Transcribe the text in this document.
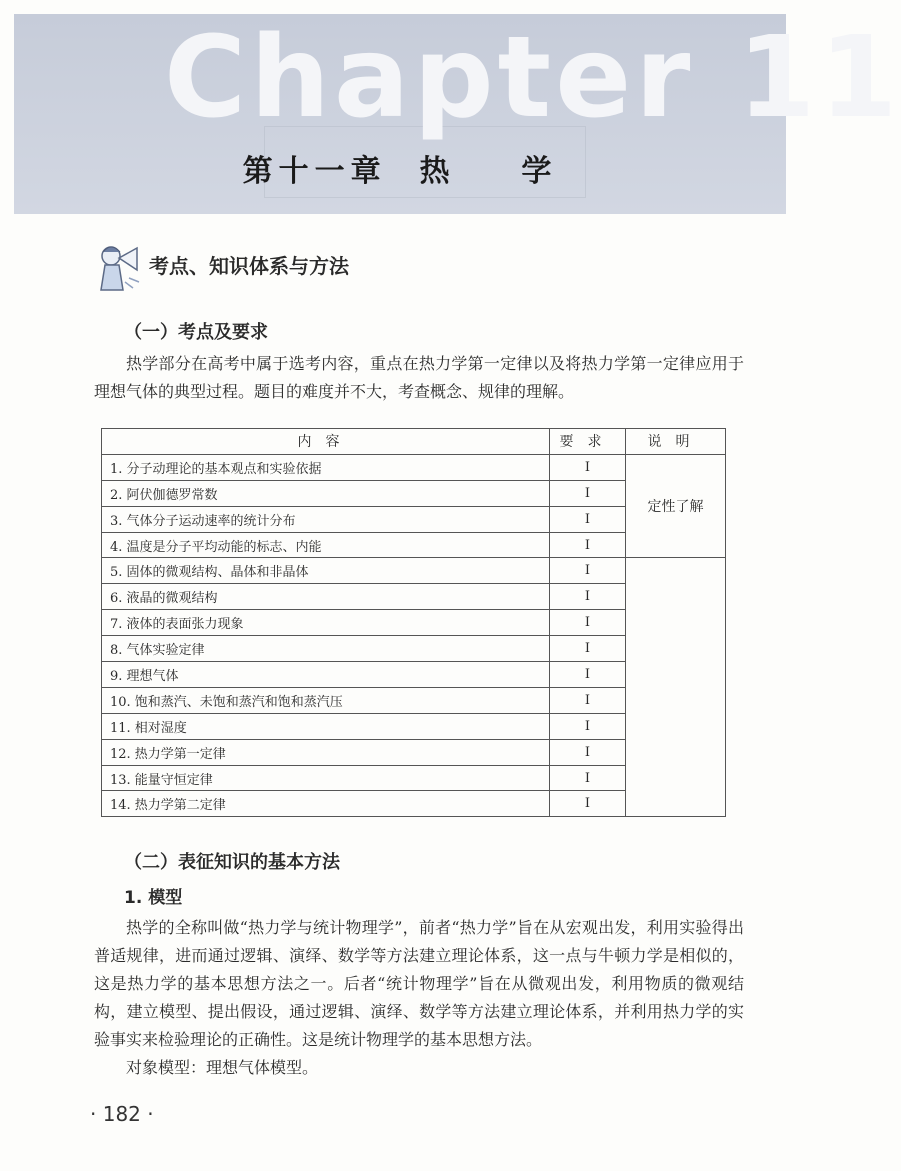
Chapter 11
第十一章  热    学
考点、知识体系与方法
（一）考点及要求
热学部分在高考中属于选考内容，重点在热力学第一定律以及将热力学第一定律应用于理想气体的典型过程。题目的难度并不大，考查概念、规律的理解。
内容	要求	说明
1. 分子动理论的基本观点和实验依据	Ⅰ	定性了解
2. 阿伏伽德罗常数	Ⅰ	
3. 气体分子运动速率的统计分布	Ⅰ	
4. 温度是分子平均动能的标志、内能	Ⅰ	
5. 固体的微观结构、晶体和非晶体	Ⅰ	
6. 液晶的微观结构	Ⅰ	
7. 液体的表面张力现象	Ⅰ	
8. 气体实验定律	Ⅰ	
9. 理想气体	Ⅰ	
10. 饱和蒸汽、未饱和蒸汽和饱和蒸汽压	Ⅰ	
11. 相对湿度	Ⅰ	
12. 热力学第一定律	Ⅰ	
13. 能量守恒定律	Ⅰ	
14. 热力学第二定律	Ⅰ	
（二）表征知识的基本方法
1. 模型
热学的全称叫做“热力学与统计物理学”，前者“热力学”旨在从宏观出发，利用实验得出普适规律，进而通过逻辑、演绎、数学等方法建立理论体系，这一点与牛顿力学是相似的，这是热力学的基本思想方法之一。后者“统计物理学”旨在从微观出发，利用物质的微观结构，建立模型、提出假设，通过逻辑、演绎、数学等方法建立理论体系，并利用热力学的实验事实来检验理论的正确性。这是统计物理学的基本思想方法。
对象模型：理想气体模型。
· 182 ·
